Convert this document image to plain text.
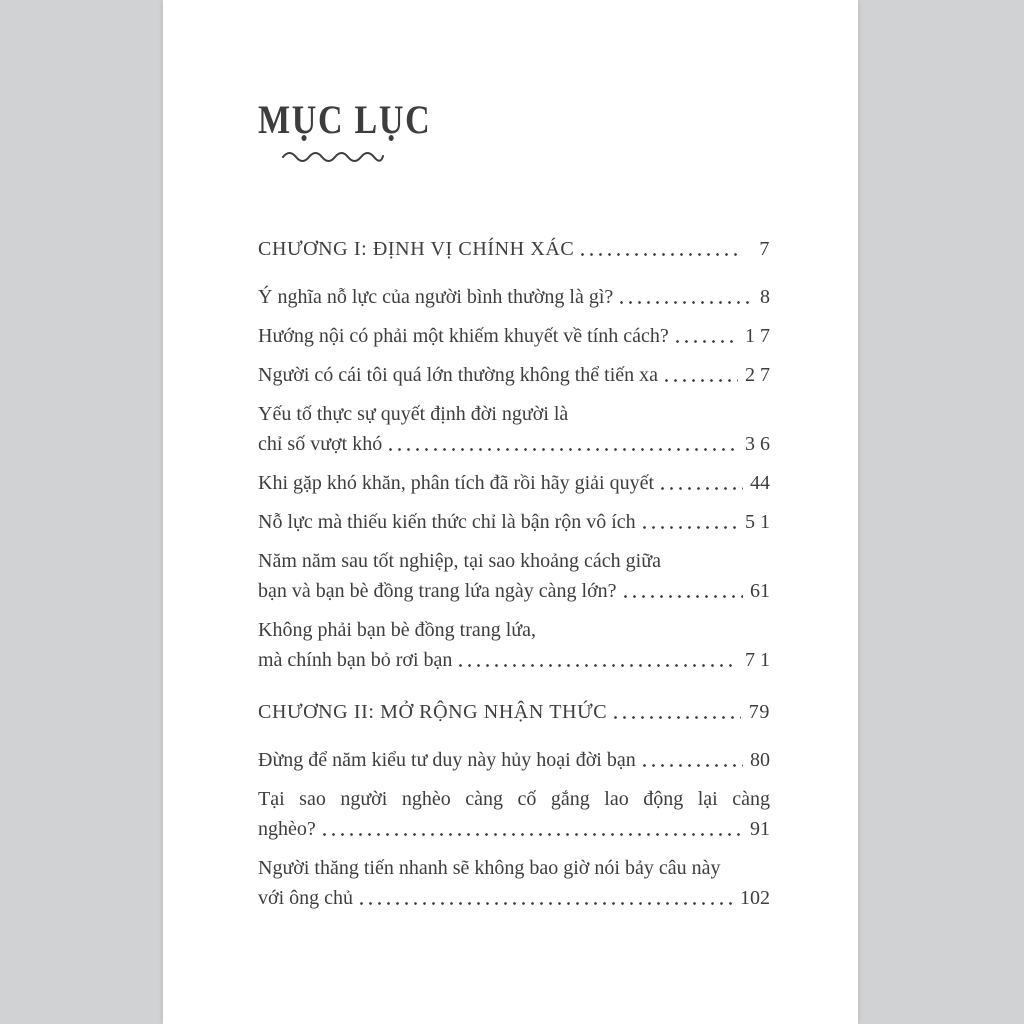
MỤC LỤC
CHƯƠNG I: ĐỊNH VỊ CHÍNH XÁC	7
Ý nghĩa nỗ lực của người bình thường là gì?	8
Hướng nội có phải một khiếm khuyết về tính cách?	1 7
Người có cái tôi quá lớn thường không thể tiến xa	2 7
Yếu tố thực sự quyết định đời người là
chỉ số vượt khó	3 6
Khi gặp khó khăn, phân tích đã rồi hãy giải quyết	44
Nỗ lực mà thiếu kiến thức chỉ là bận rộn vô ích	5 1
Năm năm sau tốt nghiệp, tại sao khoảng cách giữa
bạn và bạn bè đồng trang lứa ngày càng lớn?	61
Không phải bạn bè đồng trang lứa,
mà chính bạn bỏ rơi bạn	7 1
CHƯƠNG II: MỞ RỘNG NHẬN THỨC	79
Đừng để năm kiểu tư duy này hủy hoại đời bạn	80
Tại sao người nghèo càng cố gắng lao động lại càng
nghèo?	91
Người thăng tiến nhanh sẽ không bao giờ nói bảy câu này
với ông chủ	102
